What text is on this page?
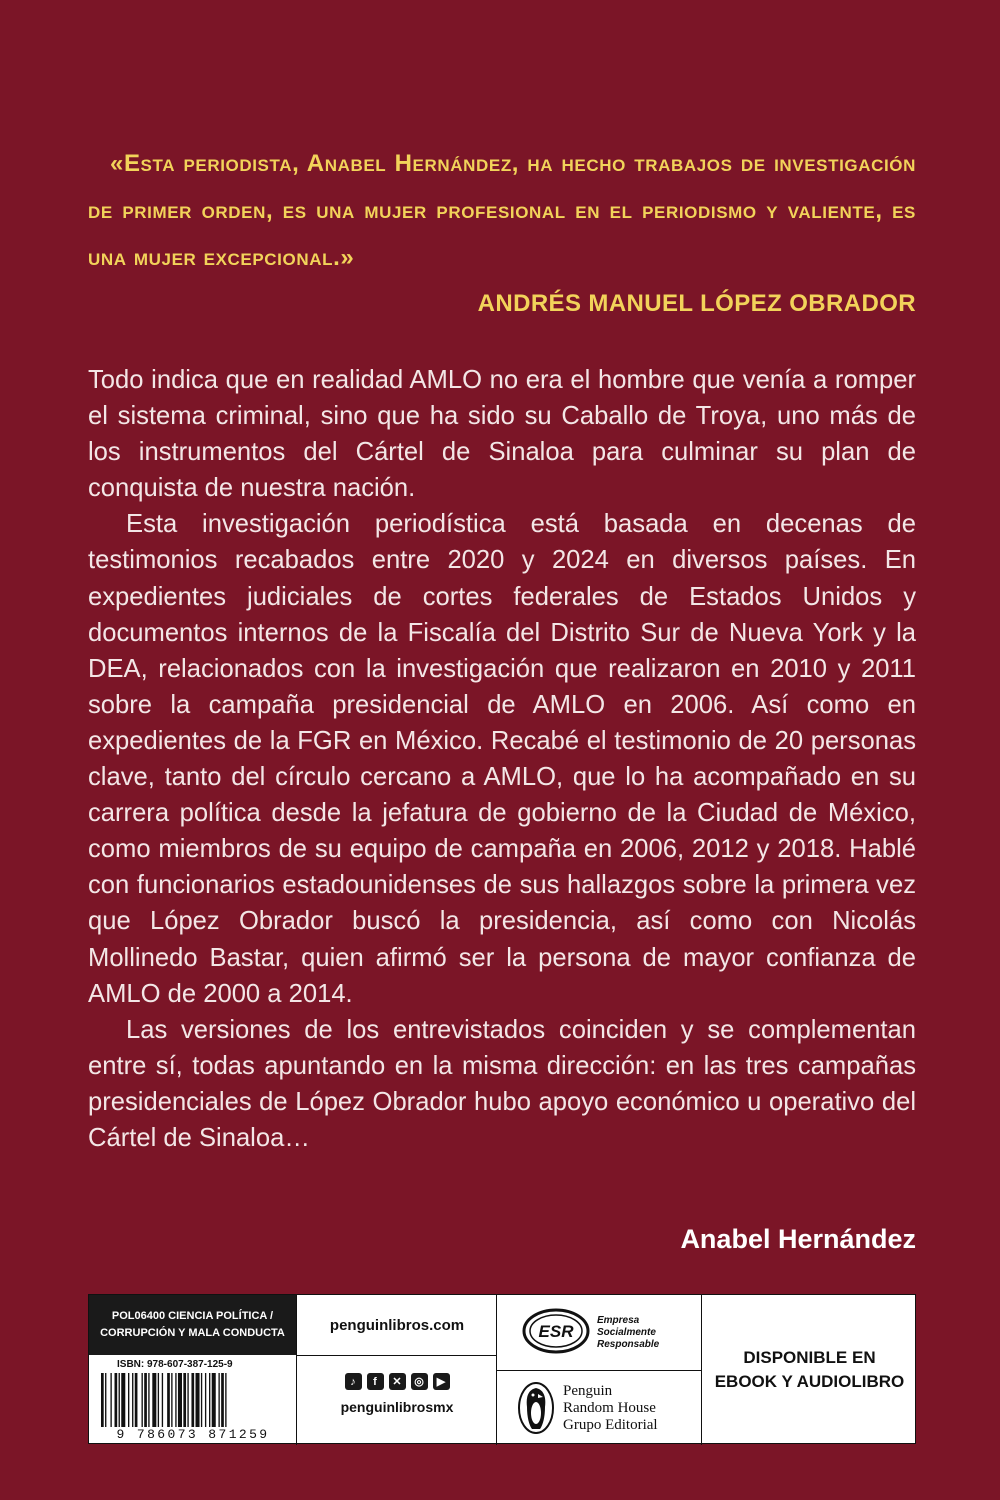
«Esta periodista, Anabel Hernández, ha hecho trabajos de investigación de primer orden, es una mujer profesional en el periodismo y valiente, es una mujer excepcional.»

ANDRÉS MANUEL LÓPEZ OBRADOR

Todo indica que en realidad AMLO no era el hombre que venía a romper el sistema criminal, sino que ha sido su Caballo de Troya, uno más de los instrumentos del Cártel de Sinaloa para culminar su plan de conquista de nuestra nación.

Esta investigación periodística está basada en decenas de testimonios recabados entre 2020 y 2024 en diversos países. En expedientes judiciales de cortes federales de Estados Unidos y documentos internos de la Fiscalía del Distrito Sur de Nueva York y la DEA, relacionados con la investigación que realizaron en 2010 y 2011 sobre la campaña presidencial de AMLO en 2006. Así como en expedientes de la FGR en México. Recabé el testimonio de 20 personas clave, tanto del círculo cercano a AMLO, que lo ha acompañado en su carrera política desde la jefatura de gobierno de la Ciudad de México, como miembros de su equipo de campaña en 2006, 2012 y 2018. Hablé con funcionarios estadounidenses de sus hallazgos sobre la primera vez que López Obrador buscó la presidencia, así como con Nicolás Mollinedo Bastar, quien afirmó ser la persona de mayor confianza de AMLO de 2000 a 2014.

Las versiones de los entrevistados coinciden y se complementan entre sí, todas apuntando en la misma dirección: en las tres campañas presidenciales de López Obrador hubo apoyo económico u operativo del Cártel de Sinaloa…

Anabel Hernández

POL06400 CIENCIA POLÍTICA /
CORRUPCIÓN Y MALA CONDUCTA
ISBN: 978-607-387-125-9
9 786073 871259
penguinlibros.com
♪	f	✕	◎	▶
penguinlibrosmx
ESR
Empresa
Socialmente
Responsable
Penguin
Random House
Grupo Editorial
DISPONIBLE EN
EBOOK Y AUDIOLIBRO
